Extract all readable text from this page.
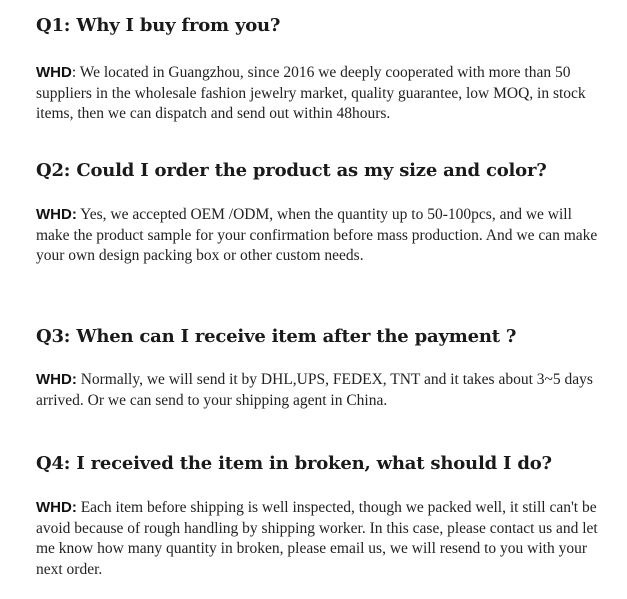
Q1: Why I buy from you?

WHD: We located in Guangzhou, since 2016 we deeply cooperated with more than 50 suppliers in the wholesale fashion jewelry market, quality guarantee, low MOQ, in stock items, then we can dispatch and send out within 48hours.

Q2: Could I order the product as my size and color?

WHD: Yes, we accepted OEM /ODM, when the quantity up to 50-100pcs, and we will make the product sample for your confirmation before mass production. And we can make your own design packing box or other custom needs.

Q3: When can I receive item after the payment ?

WHD: Normally, we will send it by DHL,UPS, FEDEX, TNT and it takes about 3~5 days arrived. Or we can send to your shipping agent in China.

Q4: I received the item in broken, what should I do?

WHD: Each item before shipping is well inspected, though we packed well, it still can't be avoid because of rough handling by shipping worker. In this case, please contact us and let me know how many quantity in broken, please email us, we will resend to you with your next order.
